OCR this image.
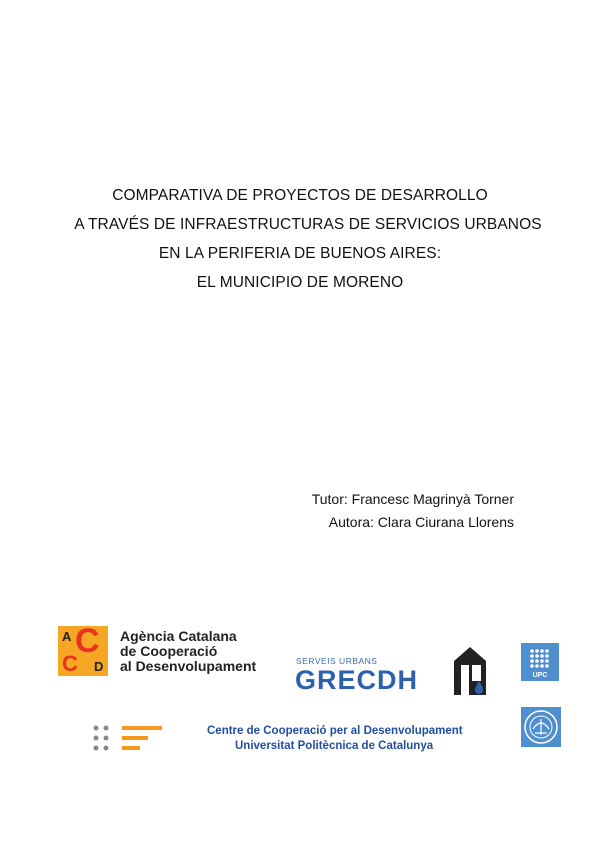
COMPARATIVA DE PROYECTOS DE DESARROLLO
A TRAVÉS DE INFRAESTRUCTURAS DE SERVICIOS URBANOS
EN LA PERIFERIA DE BUENOS AIRES:
EL MUNICIPIO DE MORENO
Tutor: Francesc Magrinyà Torner
Autora: Clara Ciurana Llorens
A C
C D
Agència Catalana
de Cooperació
al Desenvolupament	SERVEIS URBANS
GRECDH	UPC
Centre de Cooperació per al Desenvolupament
Universitat Politècnica de Catalunya
